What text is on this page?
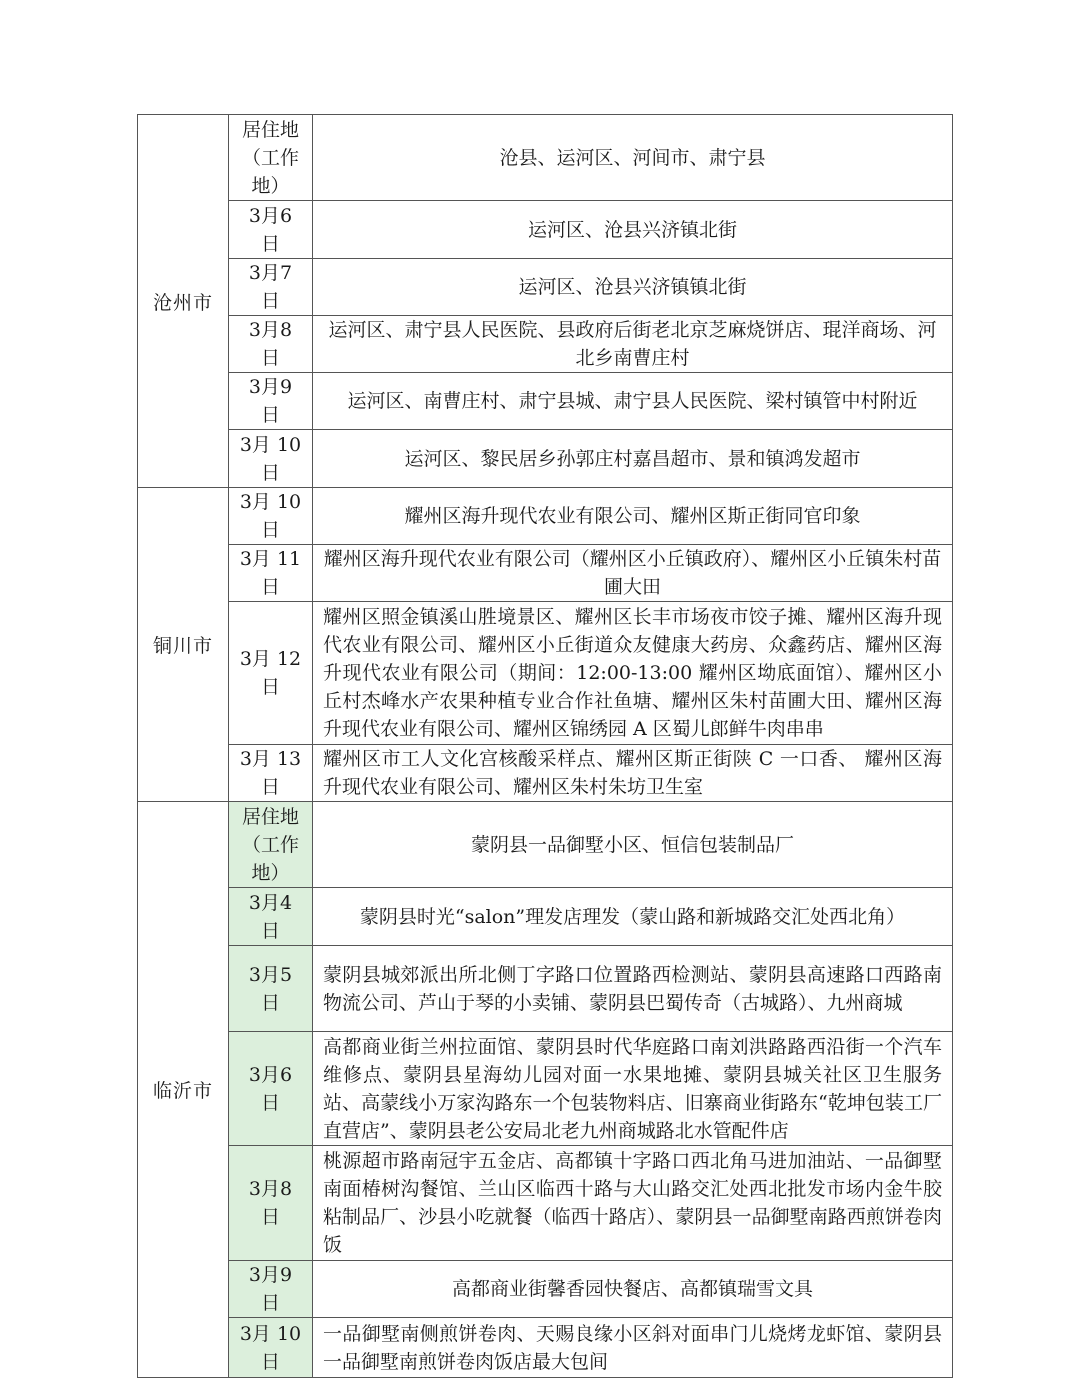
沧州市	居住地（工作地）	沧县、运河区、河间市、肃宁县

	3月6日	运河区、沧县兴济镇北街

	3月7日	运河区、沧县兴济镇镇北街

	3月8日	运河区、肃宁县人民医院、县政府后街老北京芝麻烧饼店、琨洋商场、河北乡南曹庄村

	3月9日	运河区、南曹庄村、肃宁县城、肃宁县人民医院、梁村镇管中村附近

	3月 10日	运河区、黎民居乡孙郭庄村嘉昌超市、景和镇鸿发超市
铜川市	3月 10日	耀州区海升现代农业有限公司、耀州区斯正街同官印象

	3月 11日	耀州区海升现代农业有限公司（耀州区小丘镇政府）、耀州区小丘镇朱村苗圃大田

	3月 12日	耀州区照金镇溪山胜境景区、耀州区长丰市场夜市饺子摊、耀州区海升现代农业有限公司、耀州区小丘街道众友健康大药房、众鑫药店、耀州区海升现代农业有限公司（期间：12:00-13:00 耀州区坳底面馆）、耀州区小丘村杰峰水产农果种植专业合作社鱼塘、耀州区朱村苗圃大田、耀州区海升现代农业有限公司、耀州区锦绣园 A 区蜀儿郎鲜牛肉串串

	3月 13日	耀州区市工人文化宫核酸采样点、耀州区斯正街陕 C 一口香、 耀州区海升现代农业有限公司、耀州区朱村朱坊卫生室
临沂市	居住地（工作地）	蒙阴县一品御墅小区、恒信包装制品厂

	3月4日	蒙阴县时光“salon”理发店理发（蒙山路和新城路交汇处西北角）

	3月5日	蒙阴县城郊派出所北侧丁字路口位置路西检测站、蒙阴县高速路口西路南物流公司、芦山于琴的小卖铺、蒙阴县巴蜀传奇（古城路）、九州商城

	3月6日	高都商业街兰州拉面馆、蒙阴县时代华庭路口南刘洪路路西沿街一个汽车维修点、蒙阴县星海幼儿园对面一水果地摊、蒙阴县城关社区卫生服务站、高蒙线小万家沟路东一个包装物料店、旧寨商业街路东“乾坤包装工厂直营店”、蒙阴县老公安局北老九州商城路北水管配件店

	3月8日	桃源超市路南冠宇五金店、高都镇十字路口西北角马进加油站、一品御墅南面椿树沟餐馆、兰山区临西十路与大山路交汇处西北批发市场内金牛胶粘制品厂、沙县小吃就餐（临西十路店）、蒙阴县一品御墅南路西煎饼卷肉饭

	3月9日	高都商业街馨香园快餐店、高都镇瑞雪文具

	3月 10日	一品御墅南侧煎饼卷肉、天赐良缘小区斜对面串门儿烧烤龙虾馆、蒙阴县一品御墅南煎饼卷肉饭店最大包间
